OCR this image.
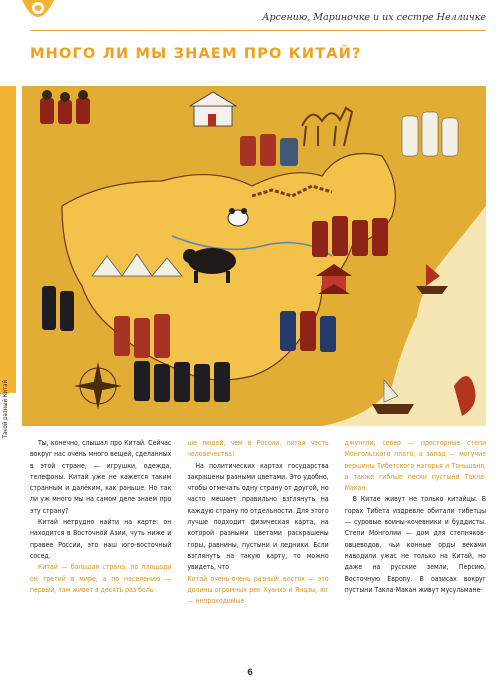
Арсению, Мариночке и их сестре Нелличке
МНОГО ЛИ МЫ ЗНАЕМ ПРО КИТАЙ?
Такой разный Китай

Ты, конечно, слышал про Китай. Сейчас вокруг нас очень много вещей, сделанных в этой стране, — игрушки, одежда, телефоны. Китай уже не кажется таким странным и далёким, как раньше. Но так ли уж много мы на самом деле знаем про эту страну?

Китай нетрудно найти на карте: он находится в Восточной Азии, чуть ниже и правее России, это наш юго-восточный сосед.

Китай — большая страна, по площади он третий в мире, а по населению — первый, там живёт в десять раз боль-

ше людей, чем в России, пятая часть человечества!

На политических картах государства закрашены разными цветами. Это удобно, чтобы отмечать одну страну от другой, но часто мешает правильно взглянуть на каждую страну по отдельности. Для этого лучше подходит физическая карта, на которой разными цветами раскрашены горы, равнины, пустыни и ледники. Если взглянуть на такую карту, то можно увидеть, что

Китай очень-очень разный: восток — это долины огромных рек Хуанхэ и Янцзы, юг — непроходимые

джунгли, север — просторные степи Монгольского плато, а запад — могучие вершины Тибетского нагорья и Тяньшаня, а также гиблые пески пустыни Такла-Макан.

В Китае живут не только китайцы. В горах Тибета издревле обитали тибетцы — суровые воины-кочевники и буддисты. Степи Монголии — дом для степняков-овцеводов, чьи конные орды веками наводили ужас не только на Китай, но даже на русские земли, Персию, Восточную Европу. В оазисах вокруг пустыни Такла-Макан живут мусульмане-

6
